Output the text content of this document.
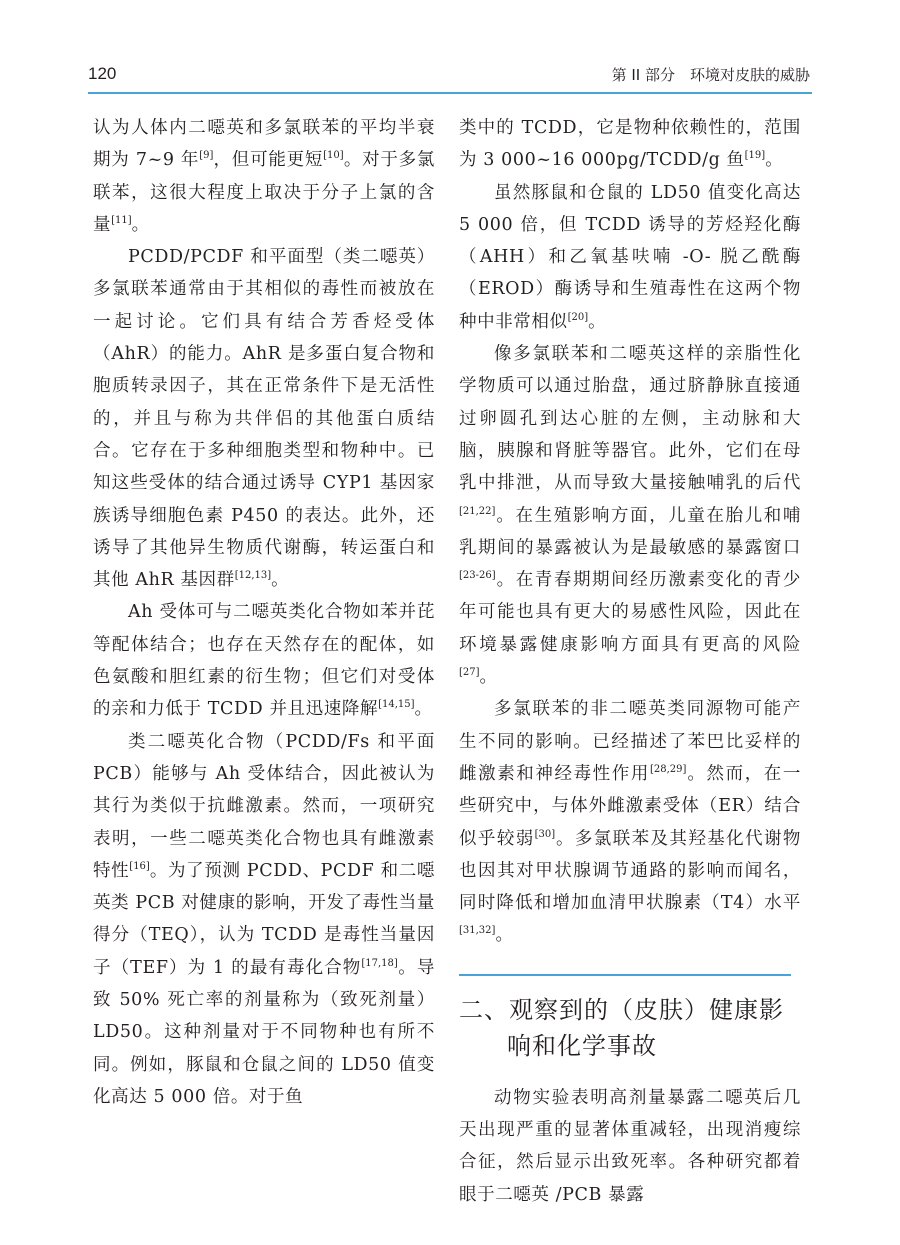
120	第 II 部分　环境对皮肤的威胁

认为人体内二噁英和多氯联苯的平均半衰期为 7~9 年[9]，但可能更短[10]。对于多氯联苯，这很大程度上取决于分子上氯的含量[11]。

PCDD/PCDF 和平面型（类二噁英）多氯联苯通常由于其相似的毒性而被放在一起讨论。它们具有结合芳香烃受体（AhR）的能力。AhR 是多蛋白复合物和胞质转录因子，其在正常条件下是无活性的，并且与称为共伴侣的其他蛋白质结合。它存在于多种细胞类型和物种中。已知这些受体的结合通过诱导 CYP1 基因家族诱导细胞色素 P450 的表达。此外，还诱导了其他异生物质代谢酶，转运蛋白和其他 AhR 基因群[12,13]。

Ah 受体可与二噁英类化合物如苯并芘等配体结合；也存在天然存在的配体，如色氨酸和胆红素的衍生物；但它们对受体的亲和力低于 TCDD 并且迅速降解[14,15]。

类二噁英化合物（PCDD/Fs 和平面 PCB）能够与 Ah 受体结合，因此被认为其行为类似于抗雌激素。然而，一项研究表明，一些二噁英类化合物也具有雌激素特性[16]。为了预测 PCDD、PCDF 和二噁英类 PCB 对健康的影响，开发了毒性当量得分（TEQ），认为 TCDD 是毒性当量因子（TEF）为 1 的最有毒化合物[17,18]。导致 50% 死亡率的剂量称为（致死剂量）LD50。这种剂量对于不同物种也有所不同。例如，豚鼠和仓鼠之间的 LD50 值变化高达 5 000 倍。对于鱼

类中的 TCDD，它是物种依赖性的，范围为 3 000~16 000pg/TCDD/g 鱼[19]。

虽然豚鼠和仓鼠的 LD50 值变化高达 5 000 倍，但 TCDD 诱导的芳烃羟化酶（AHH）和乙氧基呋喃 -O- 脱乙酰酶（EROD）酶诱导和生殖毒性在这两个物种中非常相似[20]。

像多氯联苯和二噁英这样的亲脂性化学物质可以通过胎盘，通过脐静脉直接通过卵圆孔到达心脏的左侧，主动脉和大脑，胰腺和肾脏等器官。此外，它们在母乳中排泄，从而导致大量接触哺乳的后代[21,22]。在生殖影响方面，儿童在胎儿和哺乳期间的暴露被认为是最敏感的暴露窗口[23-26]。在青春期期间经历激素变化的青少年可能也具有更大的易感性风险，因此在环境暴露健康影响方面具有更高的风险[27]。

多氯联苯的非二噁英类同源物可能产生不同的影响。已经描述了苯巴比妥样的雌激素和神经毒性作用[28,29]。然而，在一些研究中，与体外雌激素受体（ER）结合似乎较弱[30]。多氯联苯及其羟基化代谢物也因其对甲状腺调节通路的影响而闻名，同时降低和增加血清甲状腺素（T4）水平[31,32]。

二、观察到的（皮肤）健康影响和化学事故

动物实验表明高剂量暴露二噁英后几天出现严重的显著体重减轻，出现消瘦综合征，然后显示出致死率。各种研究都着眼于二噁英 /PCB 暴露
